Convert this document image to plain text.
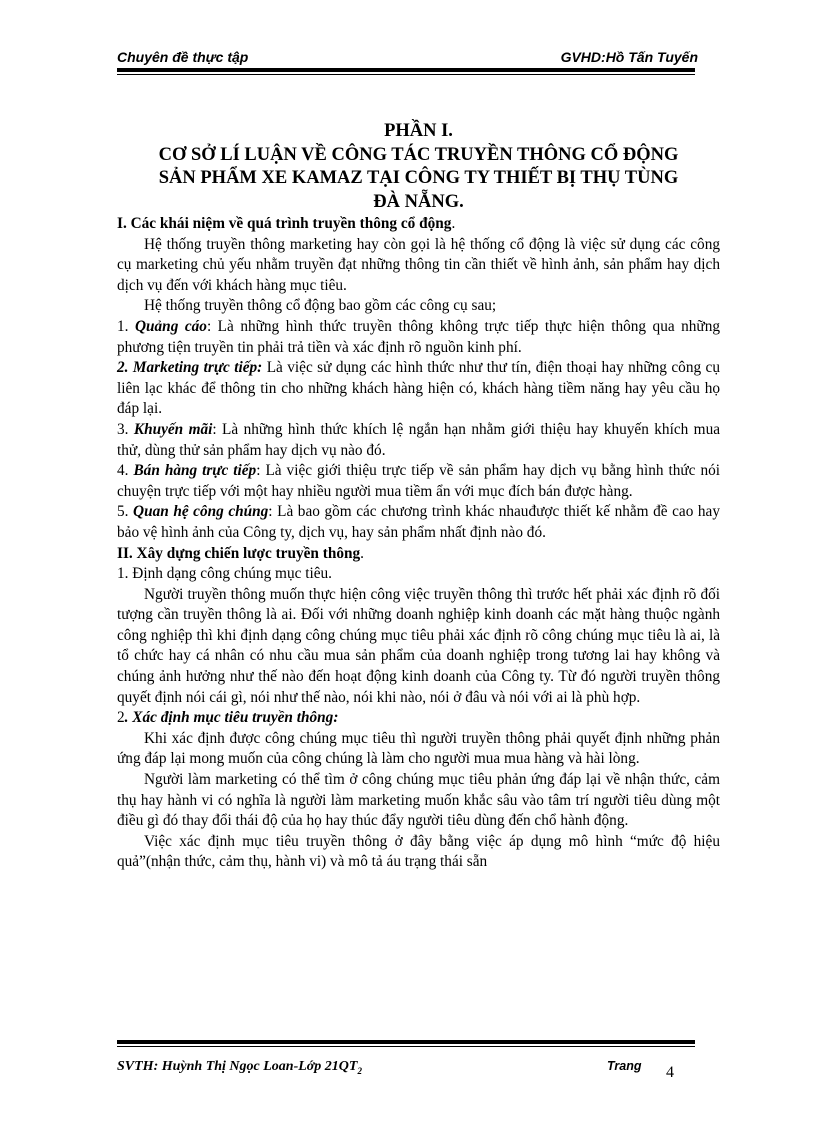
Chuyên đề thực tập	GVHD:Hồ Tấn Tuyến
PHẦN I.
CƠ SỞ LÍ LUẬN VỀ CÔNG TÁC TRUYỀN THÔNG CỔ ĐỘNG
SẢN PHẨM XE KAMAZ TẠI CÔNG TY THIẾT BỊ THỤ TÙNG
ĐÀ NẴNG.

I. Các khái niệm về quá trình truyền thông cổ động.

Hệ thống truyền thông marketing hay còn gọi là hệ thống cổ động là việc sử dụng các công cụ marketing chủ yếu nhằm truyền đạt những thông tin cần thiết về hình ảnh, sản phẩm hay dịch dịch vụ đến với khách hàng mục tiêu.

Hệ thống truyền thông cổ động bao gồm các công cụ sau;

1. Quảng cáo: Là những hình thức truyền thông không trực tiếp thực hiện thông qua những phương tiện truyền tin phải trả tiền và xác định rõ nguồn kinh phí.

2. Marketing trực tiếp: Là việc sử dụng các hình thức như thư tín, điện thoại hay những công cụ liên lạc khác để thông tin cho những khách hàng hiện có, khách hàng tiềm năng hay yêu cầu họ đáp lại.

3. Khuyến mãi: Là những hình thức khích lệ ngắn hạn nhằm giới thiệu hay khuyến khích mua thử, dùng thử sản phẩm hay dịch vụ nào đó.

4. Bán hàng trực tiếp: Là việc giới thiệu trực tiếp về sản phẩm hay dịch vụ bằng hình thức nói chuyện trực tiếp với một hay nhiều người mua tiềm ẩn với mục đích bán được hàng.

5. Quan hệ công chúng: Là bao gồm các chương trình khác nhauđược thiết kế nhằm đề cao hay bảo vệ hình ảnh của Công ty, dịch vụ, hay sản phẩm nhất định nào đó.

II. Xây dựng chiến lược truyền thông.

1. Định dạng công chúng mục tiêu.

Người truyền thông muốn thực hiện công việc truyền thông thì trước hết phải xác định rõ đối tượng cần truyền thông là ai. Đối với những doanh nghiệp kinh doanh các mặt hàng thuộc ngành công nghiệp thì khi định dạng công chúng mục tiêu phải xác định rõ công chúng mục tiêu là ai, là tổ chức hay cá nhân có nhu cầu mua sản phẩm của doanh nghiệp trong tương lai hay không và chúng ảnh hưởng như thế nào đến hoạt động kinh doanh của Công ty. Từ đó người truyền thông quyết định nói cái gì, nói như thế nào, nói khi nào, nói ở đâu và nói với ai là phù hợp.

2. Xác định mục tiêu truyền thông:

Khi xác định được công chúng mục tiêu thì người truyền thông phải quyết định những phản ứng đáp lại mong muốn của công chúng là làm cho người mua mua hàng và hài lòng.

Người làm marketing có thể tìm ở công chúng mục tiêu phản ứng đáp lại về nhận thức, cảm thụ hay hành vi có nghĩa là người làm marketing muốn khắc sâu vào tâm trí người tiêu dùng một điều gì đó thay đổi thái độ của họ hay thúc đẩy người tiêu dùng đến chổ hành động.

Việc xác định mục tiêu truyền thông ở đây bằng việc áp dụng mô hình “mức độ hiệu quả”(nhận thức, cảm thụ, hành vi) và mô tả áu trạng thái sẵn

SVTH: Huỳnh Thị Ngọc Loan-Lớp $21QT_2$	Trang 4
